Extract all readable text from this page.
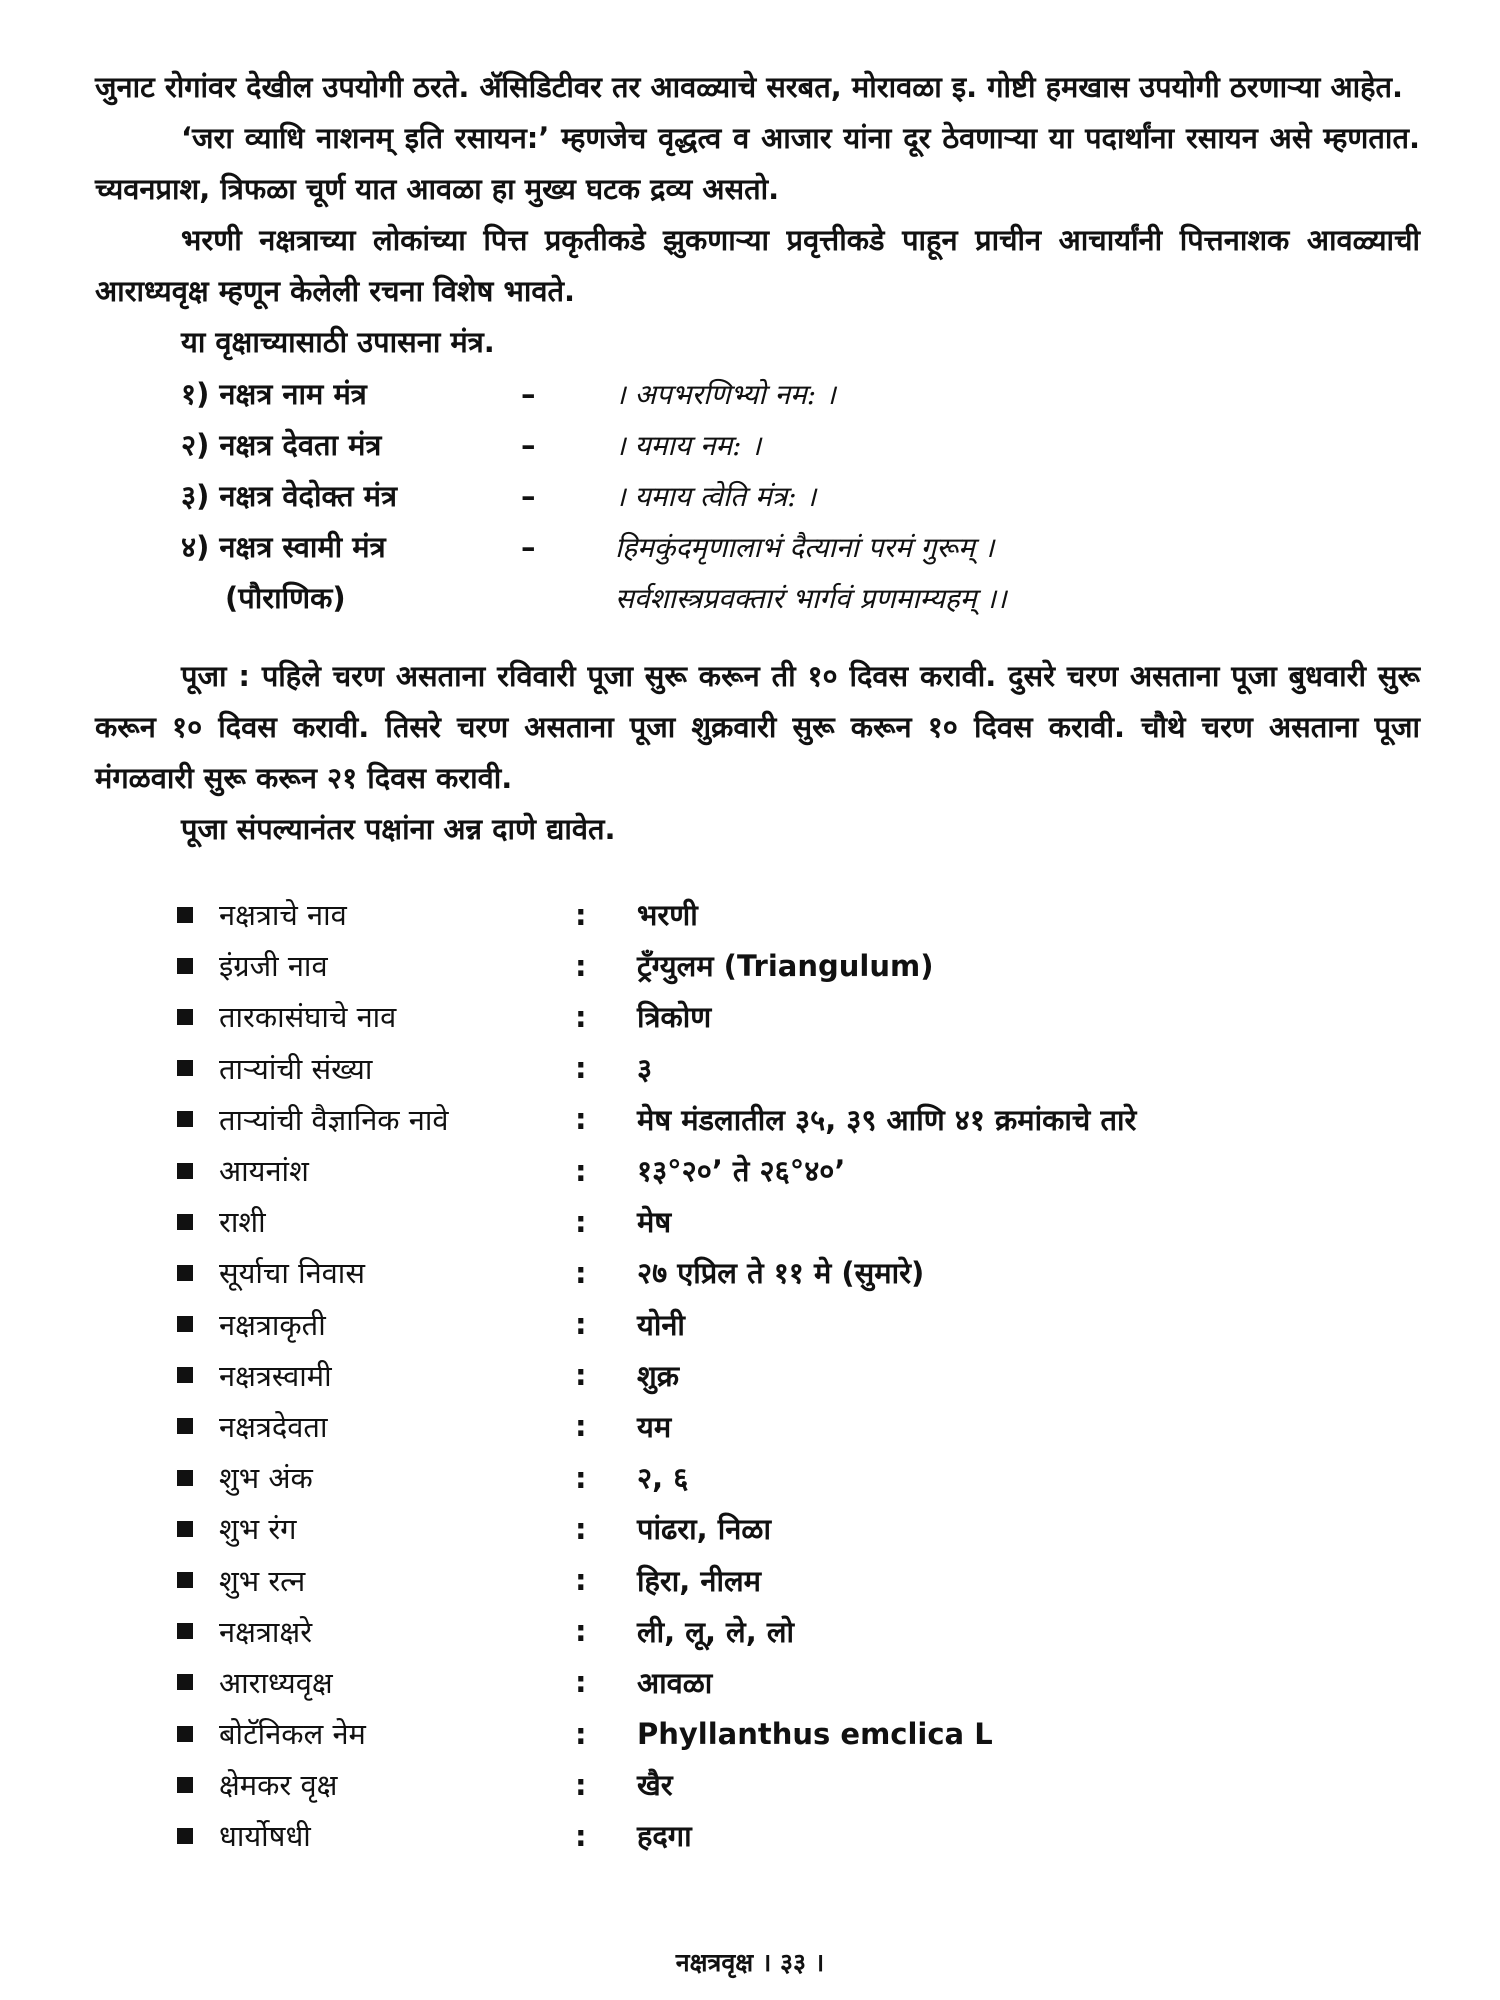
जुनाट रोगांवर देखील उपयोगी ठरते. ॲसिडिटीवर तर आवळ्याचे सरबत, मोरावळा इ. गोष्टी हमखास उपयोगी ठरणाऱ्या आहेत.

‘जरा व्याधि नाशनम् इति रसायन:’ म्हणजेच वृद्धत्व व आजार यांना दूर ठेवणाऱ्या या पदार्थांना रसायन असे म्हणतात. च्यवनप्राश, त्रिफळा चूर्ण यात आवळा हा मुख्य घटक द्रव्य असतो.

भरणी नक्षत्राच्या लोकांच्या पित्त प्रकृतीकडे झुकणाऱ्या प्रवृत्तीकडे पाहून प्राचीन आचार्यांनी पित्तनाशक आवळ्याची आराध्यवृक्ष म्हणून केलेली रचना विशेष भावते.

या वृक्षाच्यासाठी उपासना मंत्र.

१) नक्षत्र नाम मंत्र	–	। अपभरणिभ्यो नम: ।
२) नक्षत्र देवता मंत्र	–	। यमाय नम: ।
३) नक्षत्र वेदोक्त मंत्र	–	। यमाय त्वेति मंत्र: ।
४) नक्षत्र स्वामी मंत्र	–	हिमकुंदमृणालाभं दैत्यानां परमं गुरूम् ।
(पौराणिक)	सर्वशास्त्रप्रवक्तारं भार्गवं प्रणमाम्यहम् ।।

पूजा : पहिले चरण असताना रविवारी पूजा सुरू करून ती १० दिवस करावी. दुसरे चरण असताना पूजा बुधवारी सुरू करून १० दिवस करावी. तिसरे चरण असताना पूजा शुक्रवारी सुरू करून १० दिवस करावी. चौथे चरण असताना पूजा मंगळवारी सुरू करून २१ दिवस करावी.

पूजा संपल्यानंतर पक्षांना अन्न दाणे द्यावेत.

नक्षत्राचे नाव	:	भरणी
इंग्रजी नाव	:	ट्रँग्युलम (Triangulum)
तारकासंघाचे नाव	:	त्रिकोण
ताऱ्यांची संख्या	:	३
ताऱ्यांची वैज्ञानिक नावे	:	मेष मंडलातील ३५, ३९ आणि ४१ क्रमांकाचे तारे
आयनांश	:	१३°२०’ ते २६°४०’
राशी	:	मेष
सूर्याचा निवास	:	२७ एप्रिल ते ११ मे (सुमारे)
नक्षत्राकृती	:	योनी
नक्षत्रस्वामी	:	शुक्र
नक्षत्रदेवता	:	यम
शुभ अंक	:	२, ६
शुभ रंग	:	पांढरा, निळा
शुभ रत्न	:	हिरा, नीलम
नक्षत्राक्षरे	:	ली, लू, ले, लो
आराध्यवृक्ष	:	आवळा
बोटॅनिकल नेम	:	Phyllanthus emclica L
क्षेमकर वृक्ष	:	खैर
धार्योषधी	:	हदगा
नक्षत्रवृक्ष । ३३ ।
